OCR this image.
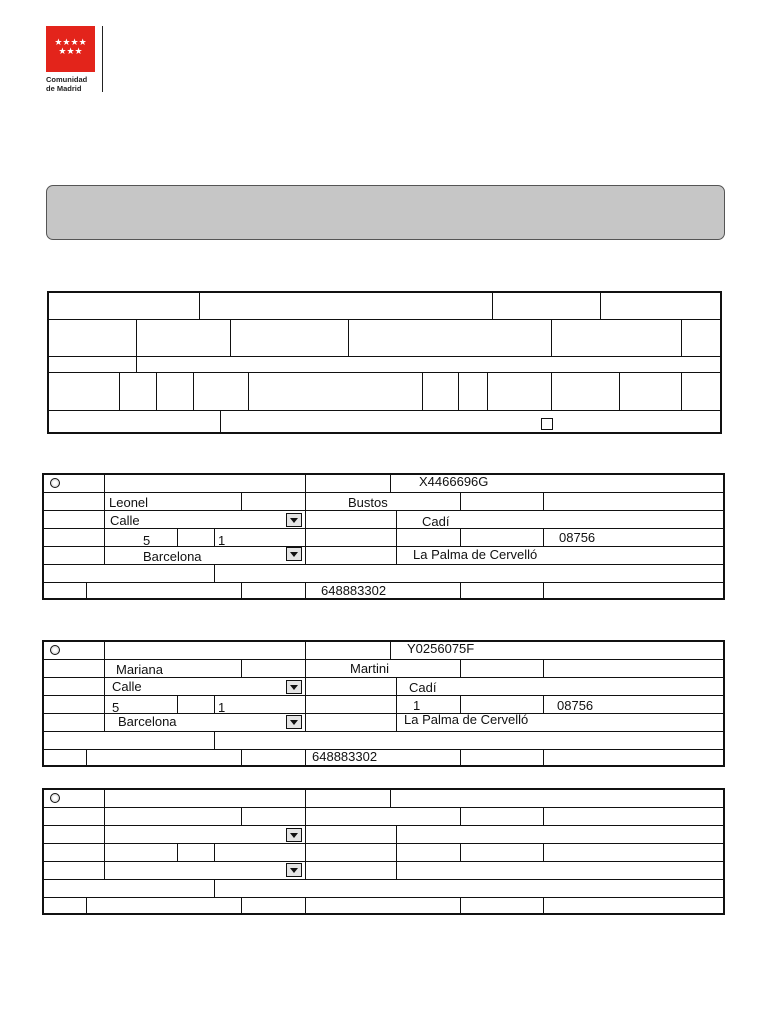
★★★★
★★★
Comunidad
de Madrid
X4466696G
Leonel	Bustos
Calle	Cadí
5	1	08756
Barcelona	La Palma de Cervelló
648883302
Y0256075F
Mariana	Martini
Calle	Cadí
5	1	1	08756
Barcelona	La Palma de Cervelló
648883302
